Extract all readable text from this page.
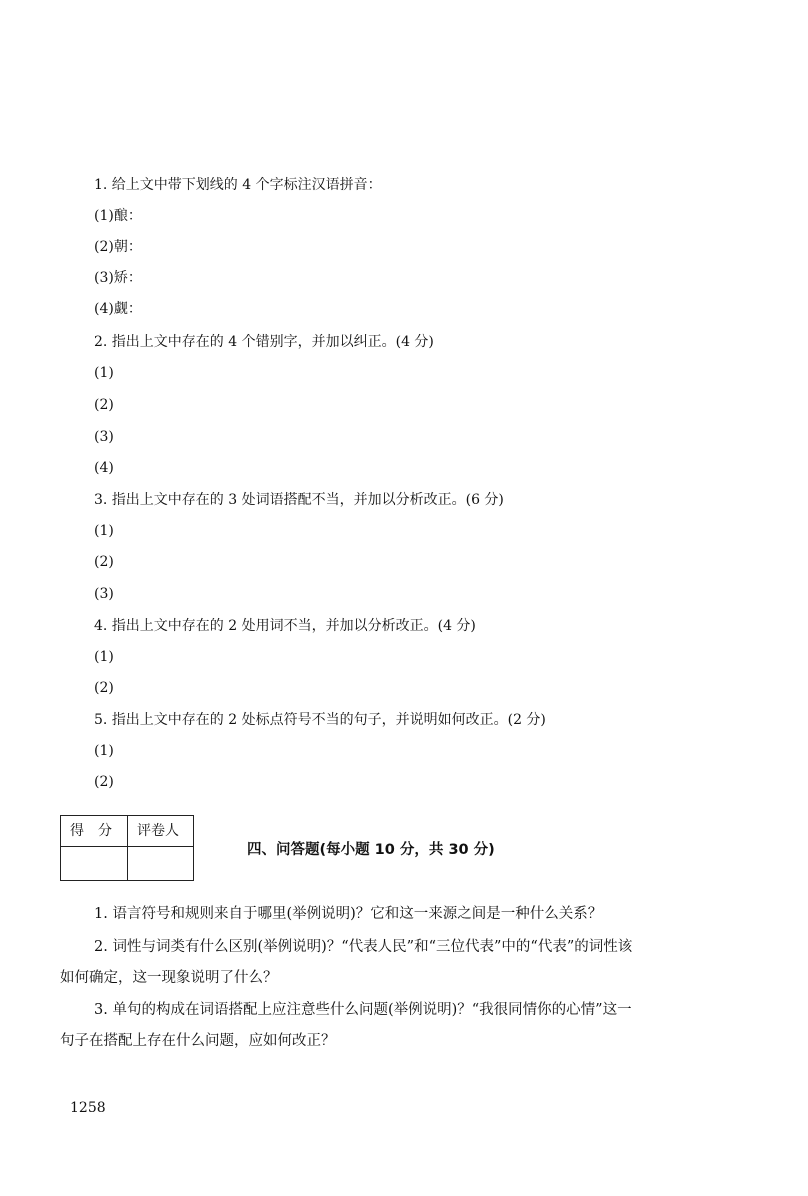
1. 给上文中带下划线的 4 个字标注汉语拼音：
(1)酿：
(2)朝：
(3)矫：
(4)觑：
2. 指出上文中存在的 4 个错别字，并加以纠正。(4 分)
(1)
(2)
(3)
(4)
3. 指出上文中存在的 3 处词语搭配不当，并加以分析改正。(6 分)
(1)
(2)
(3)
4. 指出上文中存在的 2 处用词不当，并加以分析改正。(4 分)
(1)
(2)
5. 指出上文中存在的 2 处标点符号不当的句子，并说明如何改正。(2 分)
(1)
(2)
得　分 评卷人
四、问答题(每小题 10 分，共 30 分)
1. 语言符号和规则来自于哪里(举例说明)？它和这一来源之间是一种什么关系？
2. 词性与词类有什么区别(举例说明)？“代表人民”和“三位代表”中的“代表”的词性该
如何确定，这一现象说明了什么？
3. 单句的构成在词语搭配上应注意些什么问题(举例说明)？“我很同情你的心情”这一
句子在搭配上存在什么问题，应如何改正？
1258
